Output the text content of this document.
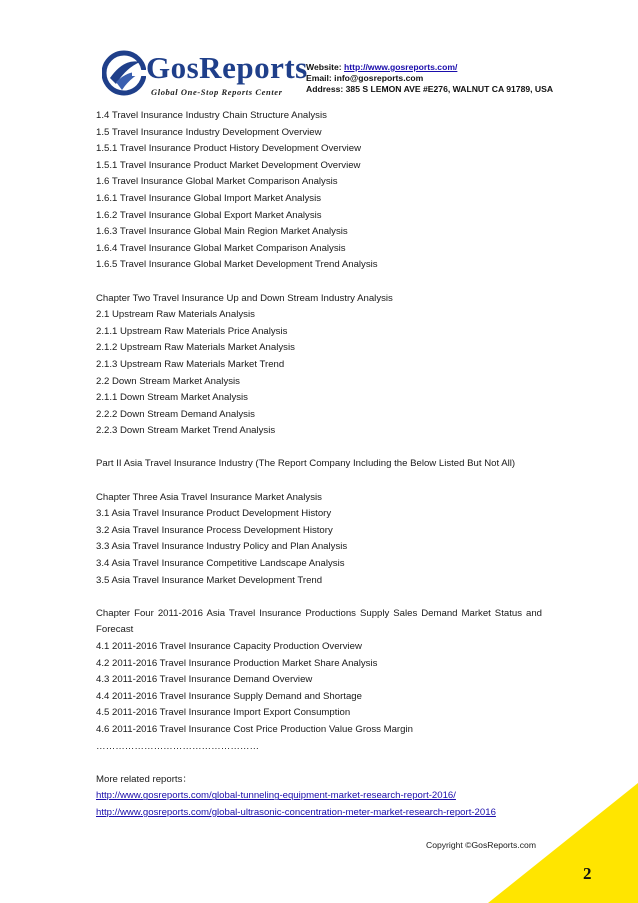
GosReports
Global One-Stop Reports Center
Website: http://www.gosreports.com/
Email: info@gosreports.com
Address: 385 S LEMON AVE #E276, WALNUT CA 91789, USA
1.4 Travel Insurance Industry Chain Structure Analysis
1.5 Travel Insurance Industry Development Overview
1.5.1 Travel Insurance Product History Development Overview
1.5.1 Travel Insurance Product Market Development Overview
1.6 Travel Insurance Global Market Comparison Analysis
1.6.1 Travel Insurance Global Import Market Analysis
1.6.2 Travel Insurance Global Export Market Analysis
1.6.3 Travel Insurance Global Main Region Market Analysis
1.6.4 Travel Insurance Global Market Comparison Analysis
1.6.5 Travel Insurance Global Market Development Trend Analysis
Chapter Two Travel Insurance Up and Down Stream Industry Analysis
2.1 Upstream Raw Materials Analysis
2.1.1 Upstream Raw Materials Price Analysis
2.1.2 Upstream Raw Materials Market Analysis
2.1.3 Upstream Raw Materials Market Trend
2.2 Down Stream Market Analysis
2.1.1 Down Stream Market Analysis
2.2.2 Down Stream Demand Analysis
2.2.3 Down Stream Market Trend Analysis
Part II Asia Travel Insurance Industry (The Report Company Including the Below Listed But Not All)
Chapter Three Asia Travel Insurance Market Analysis
3.1 Asia Travel Insurance Product Development History
3.2 Asia Travel Insurance Process Development History
3.3 Asia Travel Insurance Industry Policy and Plan Analysis
3.4 Asia Travel Insurance Competitive Landscape Analysis
3.5 Asia Travel Insurance Market Development Trend
Chapter Four 2011-2016 Asia Travel Insurance Productions Supply Sales Demand Market Status and Forecast
4.1 2011-2016 Travel Insurance Capacity Production Overview
4.2 2011-2016 Travel Insurance Production Market Share Analysis
4.3 2011-2016 Travel Insurance Demand Overview
4.4 2011-2016 Travel Insurance Supply Demand and Shortage
4.5 2011-2016 Travel Insurance Import Export Consumption
4.6 2011-2016 Travel Insurance Cost Price Production Value Gross Margin
……………………………………………
More related reports：
http://www.gosreports.com/global-tunneling-equipment-market-research-report-2016/
http://www.gosreports.com/global-ultrasonic-concentration-meter-market-research-report-2016
Copyright ©GosReports.com
2
